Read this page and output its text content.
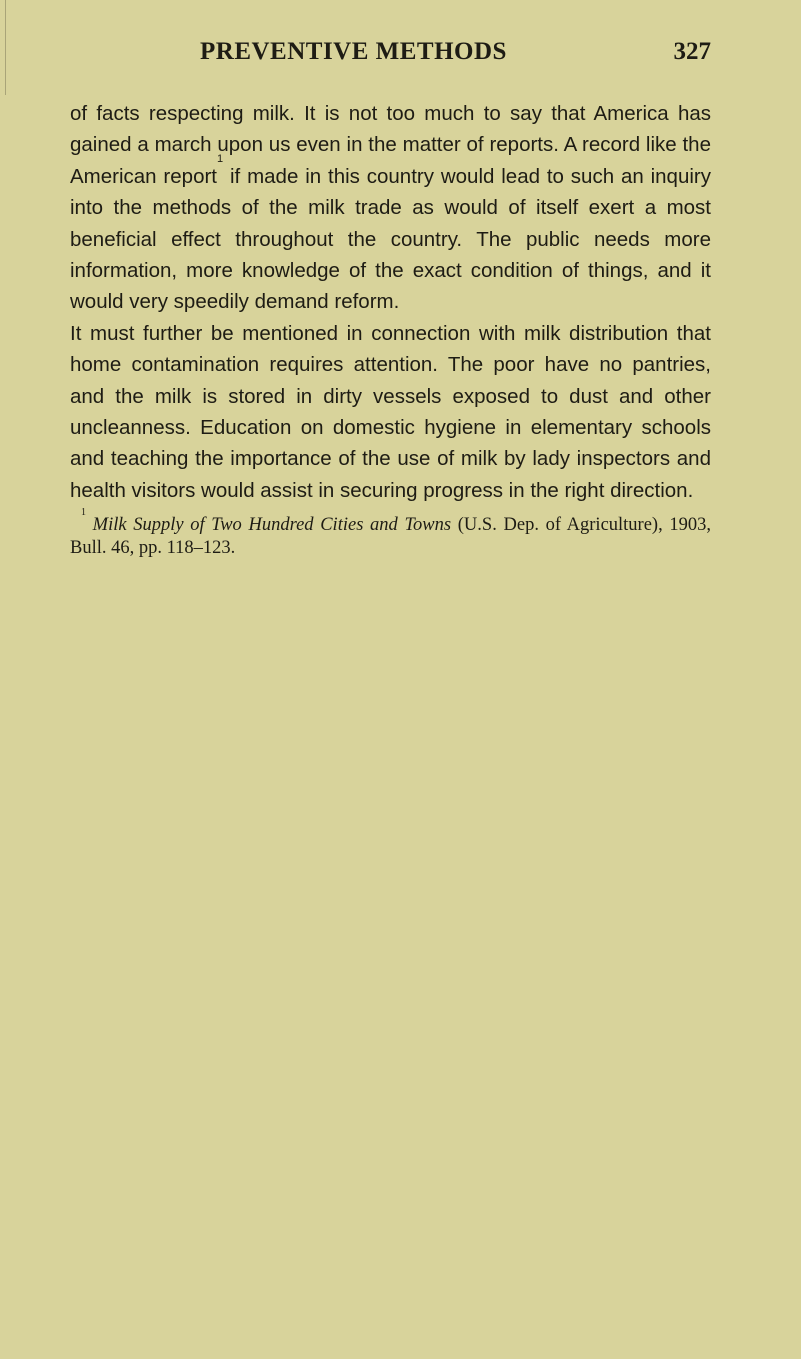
PREVENTIVE METHODS	327

of facts respecting milk. It is not too much to say that America has gained a march upon us even in the matter of reports. A record like the American report$^1$ if made in this country would lead to such an inquiry into the methods of the milk trade as would of itself exert a most beneficial effect throughout the country. The public needs more information, more knowledge of the exact condition of things, and it would very speedily demand reform.

It must further be mentioned in connection with milk distribution that home contamination requires attention. The poor have no pantries, and the milk is stored in dirty vessels exposed to dust and other uncleanness. Education on domestic hygiene in elementary schools and teaching the importance of the use of milk by lady inspectors and health visitors would assist in securing progress in the right direction.

$^1$ Milk Supply of Two Hundred Cities and Towns (U.S. Dep. of Agriculture), 1903, Bull. 46, pp. 118–123.
